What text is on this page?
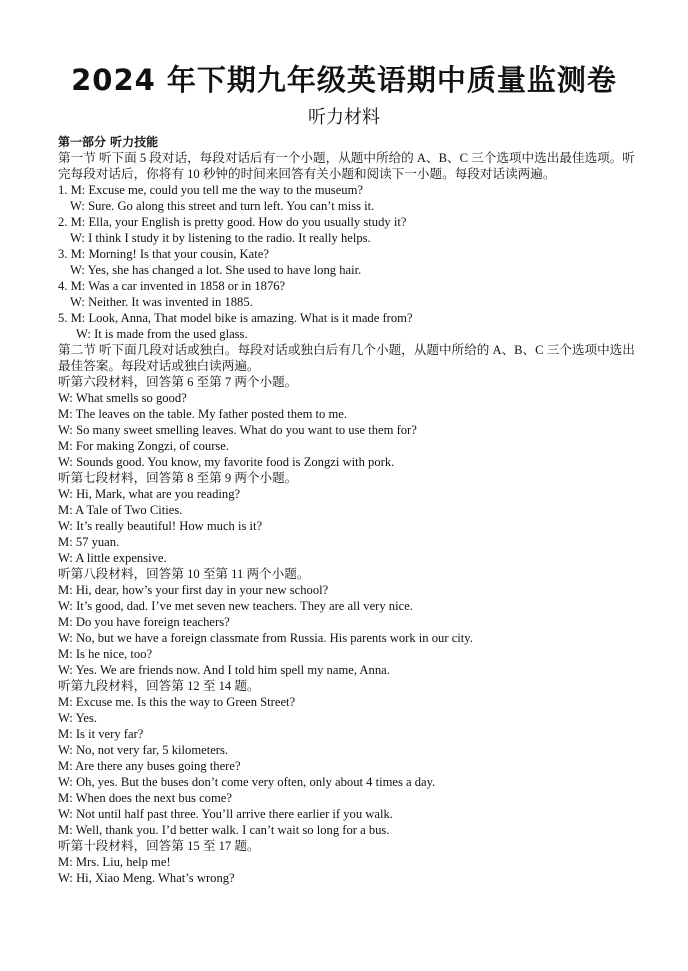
2024 年下期九年级英语期中质量监测卷
听力材料
第一部分 听力技能
第一节 听下面 5 段对话，每段对话后有一个小题，从题中所给的 A、B、C 三个选项中选出最佳选项。听完每段对话后，你将有 10 秒钟的时间来回答有关小题和阅读下一小题。每段对话读两遍。
1. M: Excuse me, could you tell me the way to the museum?
W: Sure. Go along this street and turn left. You can’t miss it.
2. M: Ella, your English is pretty good. How do you usually study it?
W: I think I study it by listening to the radio. It really helps.
3. M: Morning! Is that your cousin, Kate?
W: Yes, she has changed a lot. She used to have long hair.
4. M: Was a car invented in 1858 or in 1876?
W: Neither. It was invented in 1885.
5. M: Look, Anna, That model bike is amazing. What is it made from?
W: It is made from the used glass.
第二节 听下面几段对话或独白。每段对话或独白后有几个小题，从题中所给的 A、B、C 三个选项中选出最佳答案。每段对话或独白读两遍。
听第六段材料，回答第 6 至第 7 两个小题。
W: What smells so good?
M: The leaves on the table. My father posted them to me.
W: So many sweet smelling leaves. What do you want to use them for?
M: For making Zongzi, of course.
W: Sounds good. You know, my favorite food is Zongzi with pork.
听第七段材料，回答第 8 至第 9 两个小题。
W: Hi, Mark, what are you reading?
M: A Tale of Two Cities.
W: It’s really beautiful! How much is it?
M: 57 yuan.
W: A little expensive.
听第八段材料，回答第 10 至第 11 两个小题。
M: Hi, dear, how’s your first day in your new school?
W: It’s good, dad. I’ve met seven new teachers. They are all very nice.
M: Do you have foreign teachers?
W: No, but we have a foreign classmate from Russia. His parents work in our city.
M: Is he nice, too?
W: Yes. We are friends now. And I told him spell my name, Anna.
听第九段材料，回答第 12 至 14 题。
M: Excuse me. Is this the way to Green Street?
W: Yes.
M: Is it very far?
W: No, not very far, 5 kilometers.
M: Are there any buses going there?
W: Oh, yes. But the buses don’t come very often, only about 4 times a day.
M: When does the next bus come?
W: Not until half past three. You’ll arrive there earlier if you walk.
M: Well, thank you. I’d better walk. I can’t wait so long for a bus.
听第十段材料，回答第 15 至 17 题。
M: Mrs. Liu, help me!
W: Hi, Xiao Meng. What’s wrong?
